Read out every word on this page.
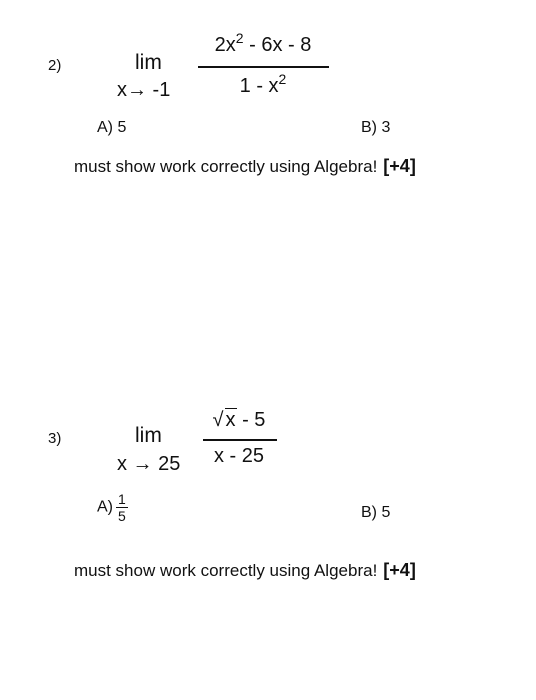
2)	lim
x→ -1
$2x^2 - 6x - 8$
$1 - x^2$
A) 5	B) 3
must show work correctly using Algebra! [+4]
3)	lim
x → 25
√ x - 5
x - 25
$A) \frac{1}{5}$	B) 5
must show work correctly using Algebra! [+4]
